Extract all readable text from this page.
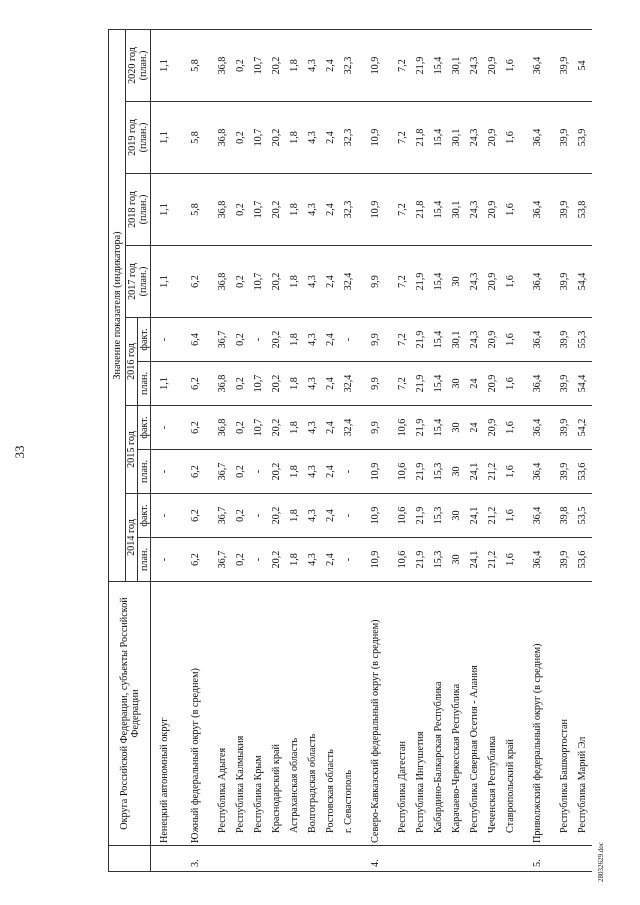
33
28032629.doc
	Округа Российской Федерации, субъекты Российской Федерации	Значение показателя (индикатора)									
		2014 год		2015 год		2016 год		2017 год (план.)	2018 год (план.)	2019 год (план.)	2020 год (план.)
						план.	факт.				
		план.	факт.	план.	факт.						
	Ненецкий автономный округ	-	-	-	-	1,1	-	1,1	1,1	1,1	1,1
3.	Южный федеральный округ (в среднем)	6,2	6,2	6,2	6,2	6,2	6,4	6,2	5,8	5,8	5,8
	Республика Адыгея	36,7	36,7	36,7	36,8	36,8	36,7	36,8	36,8	36,8	36,8
	Республика Калмыкия	0,2	0,2	0,2	0,2	0,2	0,2	0,2	0,2	0,2	0,2
	Республика Крым	-	-	-	10,7	10,7	-	10,7	10,7	10,7	10,7
	Краснодарский край	20,2	20,2	20,2	20,2	20,2	20,2	20,2	20,2	20,2	20,2
	Астраханская область	1,8	1,8	1,8	1,8	1,8	1,8	1,8	1,8	1,8	1,8
	Волгоградская область	4,3	4,3	4,3	4,3	4,3	4,3	4,3	4,3	4,3	4,3
	Ростовская область	2,4	2,4	2,4	2,4	2,4	2,4	2,4	2,4	2,4	2,4
	г. Севастополь	-	-	-	32,4	32,4	-	32,4	32,3	32,3	32,3
4.	Северо-Кавказский федеральный округ (в среднем)	10,9	10,9	10,9	9,9	9,9	9,9	9,9	10,9	10,9	10,9
	Республика Дагестан	10,6	10,6	10,6	10,6	7,2	7,2	7,2	7,2	7,2	7,2
	Республика Ингушетия	21,9	21,9	21,9	21,9	21,9	21,9	21,9	21,8	21,8	21,9
	Кабардино-Балкарская Республика	15,3	15,3	15,3	15,4	15,4	15,4	15,4	15,4	15,4	15,4
	Карачаево-Черкесская Республика	30	30	30	30	30	30,1	30	30,1	30,1	30,1
	Республика Северная Осетия - Алания	24,1	24,1	24,1	24	24	24,3	24,3	24,3	24,3	24,3
	Чеченская Республика	21,2	21,2	21,2	20,9	20,9	20,9	20,9	20,9	20,9	20,9
	Ставропольский край	1,6	1,6	1,6	1,6	1,6	1,6	1,6	1,6	1,6	1,6
5.	Приволжский федеральный округ (в среднем)	36,4	36,4	36,4	36,4	36,4	36,4	36,4	36,4	36,4	36,4
	Республика Башкортостан	39,9	39,8	39,9	39,9	39,9	39,9	39,9	39,9	39,9	39,9
	Республика Марий Эл	53,6	53,5	53,6	54,2	54,4	55,3	54,4	53,8	53,9	54
